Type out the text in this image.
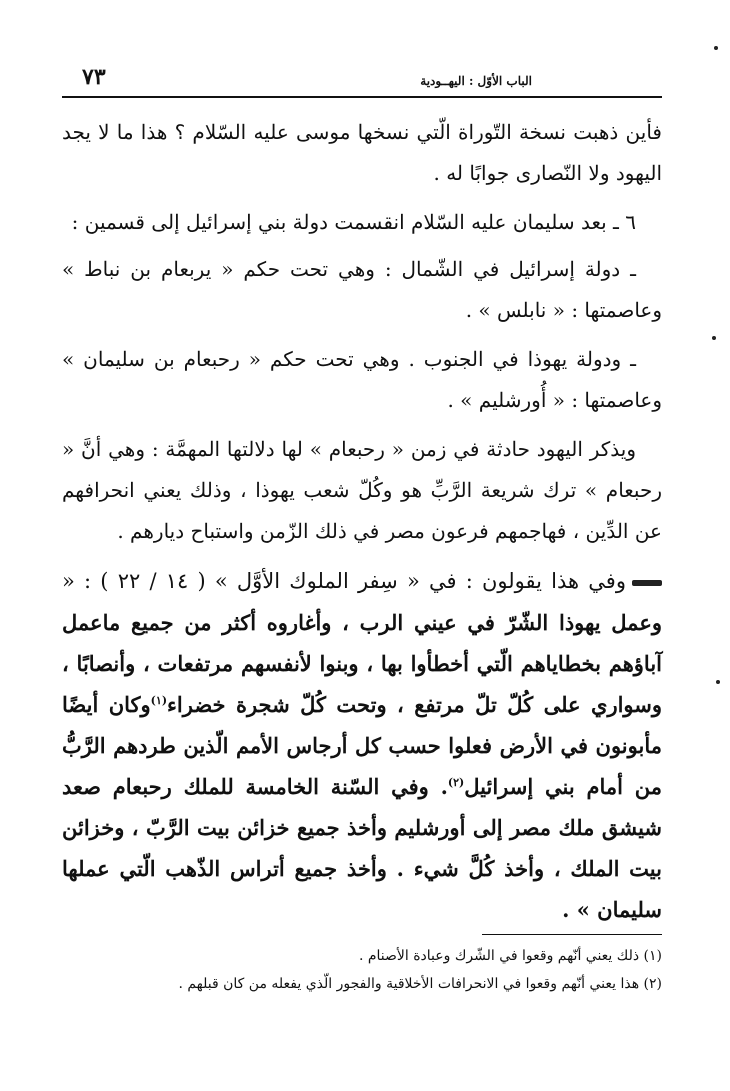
الباب الأوّل : اليهــودية
٧٣

فأين ذهبت نسخة التّوراة الّتي نسخها موسى عليه السّلام ؟ هذا ما لا يجد اليهود ولا النّصارى جوابًا له .

٦ ـ بعد سليمان عليه السّلام انقسمت دولة بني إسرائيل إلى قسمين :

ـ دولة إسرائيل في الشّمال : وهي تحت حكم « يربعام بن نباط » وعاصمتها : « نابلس » .

ـ ودولة يهوذا في الجنوب . وهي تحت حكم « رحبعام بن سليمان » وعاصمتها : « أُورشليم » .

ويذكر اليهود حادثة في زمن « رحبعام » لها دلالتها المهمَّة : وهي أنَّ « رحبعام » ترك شريعة الرَّبِّ هو وكُلّ شعب يهوذا ، وذلك يعني انحرافهم عن الدِّين ، فهاجمهم فرعون مصر في ذلك الزّمن واستباح ديارهم .

وفي هذا يقولون : في « سِفر الملوك الأوَّل » ( ١٤ / ٢٢ ) : « وعمل يهوذا الشّرّ في عيني الرب ، وأغاروه أكثر من جميع ماعمل آباؤهم بخطاياهم الّتي أخطأوا بها ، وبنوا لأنفسهم مرتفعات ، وأنصابًا ، وسواري على كُلّ تلّ مرتفع ، وتحت كُلّ شجرة خضراء$^{(١)}$وكان أيضًا مأبونون في الأرض فعلوا حسب كل أرجاس الأمم الّذين طردهم الرَّبُّ من أمام بني إسرائيل$^{(٢)}$. وفي السّنة الخامسة للملك رحبعام صعد شيشق ملك مصر إلى أورشليم وأخذ جميع خزائن بيت الرَّبّ ، وخزائن بيت الملك ، وأخذ كُلَّ شيء . وأخذ جميع أتراس الذّهب الّتي عملها سليمان » .

(١) ذلك يعني أنّهم وقعوا في الشّرك وعبادة الأصنام .

(٢) هذا يعني أنّهم وقعوا في الانحرافات الأخلاقية والفجور الّذي يفعله من كان قبلهم .
